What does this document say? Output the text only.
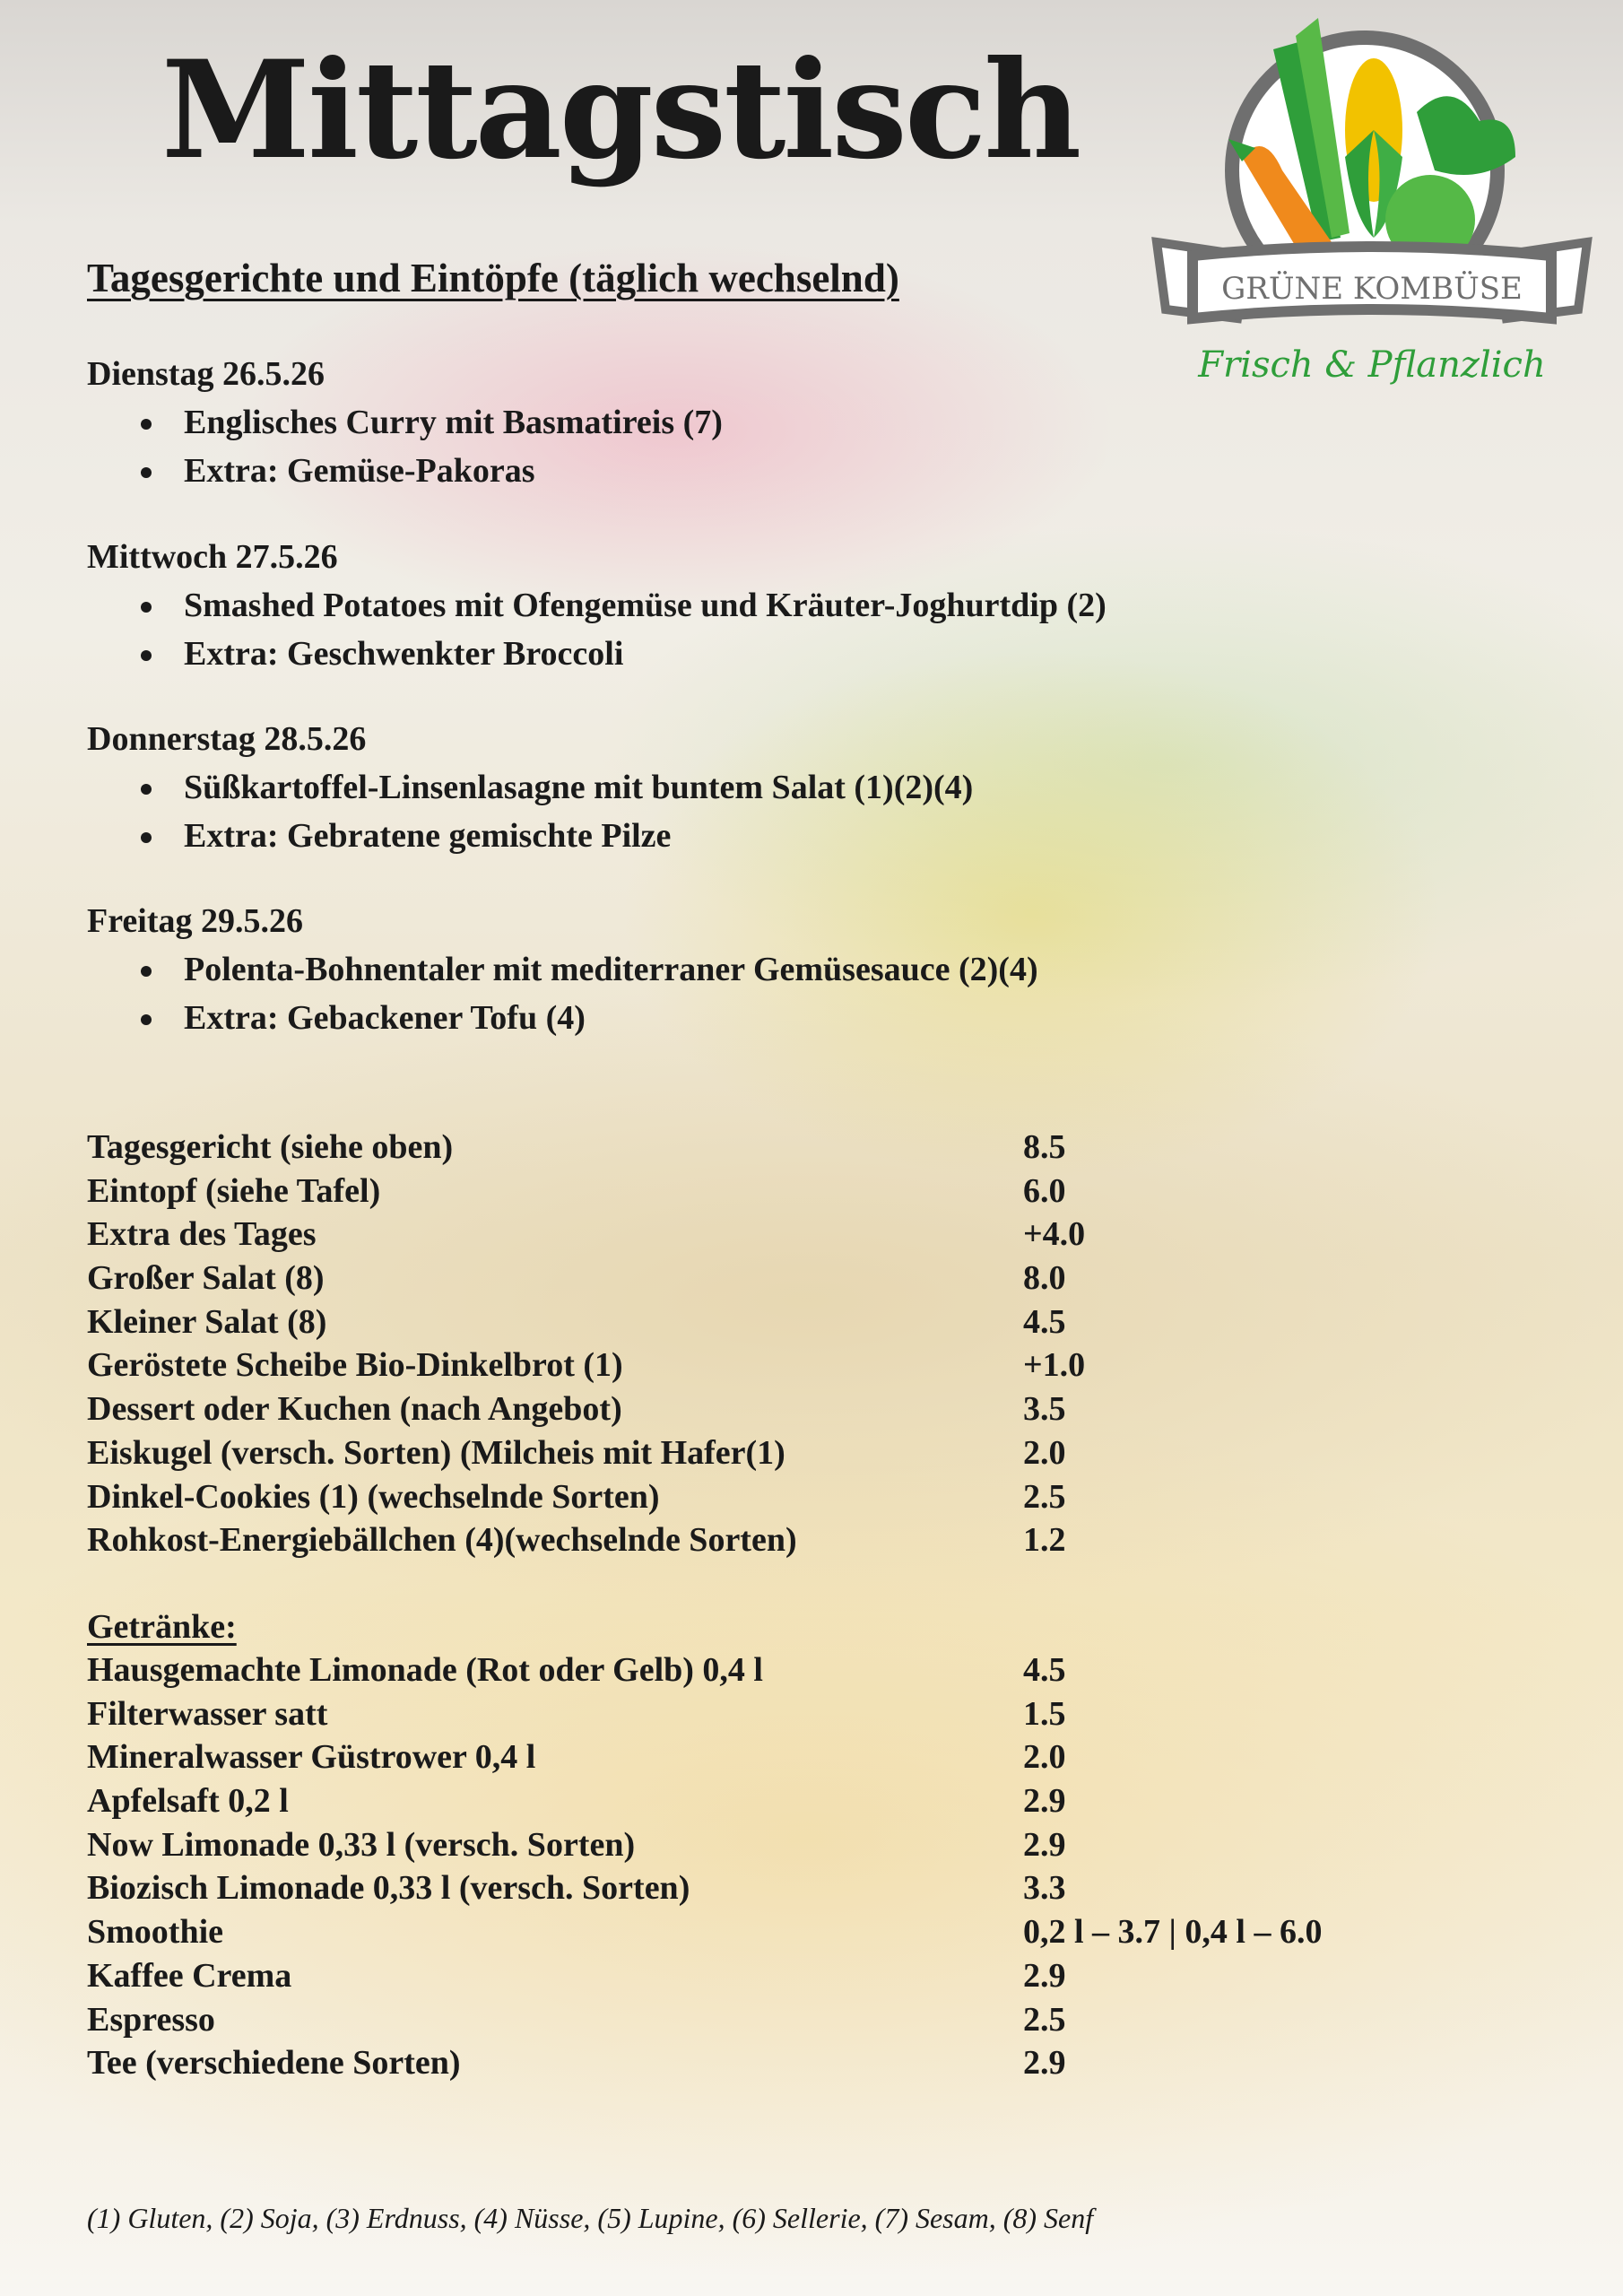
Mittagstisch
Tagesgerichte und Eintöpfe (täglich wechselnd)	GRÜNE KOMBÜSE
Frisch & Pflanzlich
Dienstag 26.5.26
Englisches Curry mit Basmatireis (7)
Extra: Gemüse-Pakoras
Mittwoch 27.5.26
Smashed Potatoes mit Ofengemüse und Kräuter-Joghurtdip (2)
Extra: Geschwenkter Broccoli
Donnerstag 28.5.26
Süßkartoffel-Linsenlasagne mit buntem Salat (1)(2)(4)
Extra: Gebratene gemischte Pilze
Freitag 29.5.26
Polenta-Bohnentaler mit mediterraner Gemüsesauce (2)(4)
Extra: Gebackener Tofu (4)
Tagesgericht (siehe oben)	8.5
Eintopf (siehe Tafel)	6.0
Extra des Tages	+4.0
Großer Salat (8)	8.0
Kleiner Salat (8)	4.5
Geröstete Scheibe Bio-Dinkelbrot (1)	+1.0
Dessert oder Kuchen (nach Angebot)	3.5
Eiskugel (versch. Sorten) (Milcheis mit Hafer(1)	2.0
Dinkel-Cookies (1) (wechselnde Sorten)	2.5
Rohkost-Energiebällchen (4)(wechselnde Sorten)	1.2
Getränke:
Hausgemachte Limonade (Rot oder Gelb) 0,4 l	4.5
Filterwasser satt	1.5
Mineralwasser Güstrower 0,4 l	2.0
Apfelsaft 0,2 l	2.9
Now Limonade 0,33 l (versch. Sorten)	2.9
Biozisch Limonade 0,33 l (versch. Sorten)	3.3
Smoothie	0,2 l – 3.7 | 0,4 l – 6.0
Kaffee Crema	2.9
Espresso	2.5
Tee (verschiedene Sorten)	2.9

(1) Gluten, (2) Soja, (3) Erdnuss, (4) Nüsse, (5) Lupine, (6) Sellerie, (7) Sesam, (8) Senf
